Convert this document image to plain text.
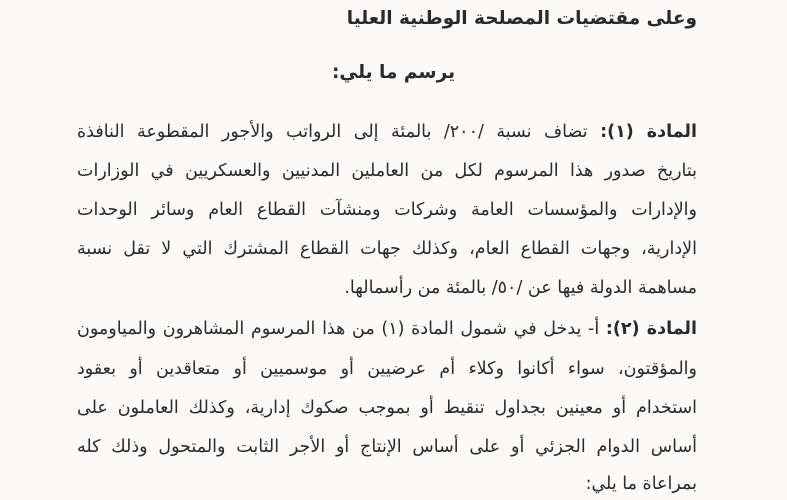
وعلى مقتضيات المصلحة الوطنية العليا
يرسم ما يلي:
المادة (١): تضاف نسبة /٢٠٠/ بالمئة إلى الرواتب والأجور المقطوعة النافذة
بتاريخ صدور هذا المرسوم لكل من العاملين المدنيين والعسكريين في الوزارات
والإدارات والمؤسسات العامة وشركات ومنشآت القطاع العام وسائر الوحدات
الإدارية، وجهات القطاع العام، وكذلك جهات القطاع المشترك التي لا تقل نسبة
مساهمة الدولة فيها عن /٥٠/ بالمئة من رأسمالها.
المادة (٢): أ- يدخل في شمول المادة (١) من هذا المرسوم المشاهرون والمياومون
والمؤقتون، سواء أكانوا وكلاء أم عرضيين أو موسميين أو متعاقدين أو بعقود
استخدام أو معينين بجداول تنقيط أو بموجب صكوك إدارية، وكذلك العاملون على
أساس الدوام الجزئي أو على أساس الإنتاج أو الأجر الثابت والمتحول وذلك كله
بمراعاة ما يلي:
